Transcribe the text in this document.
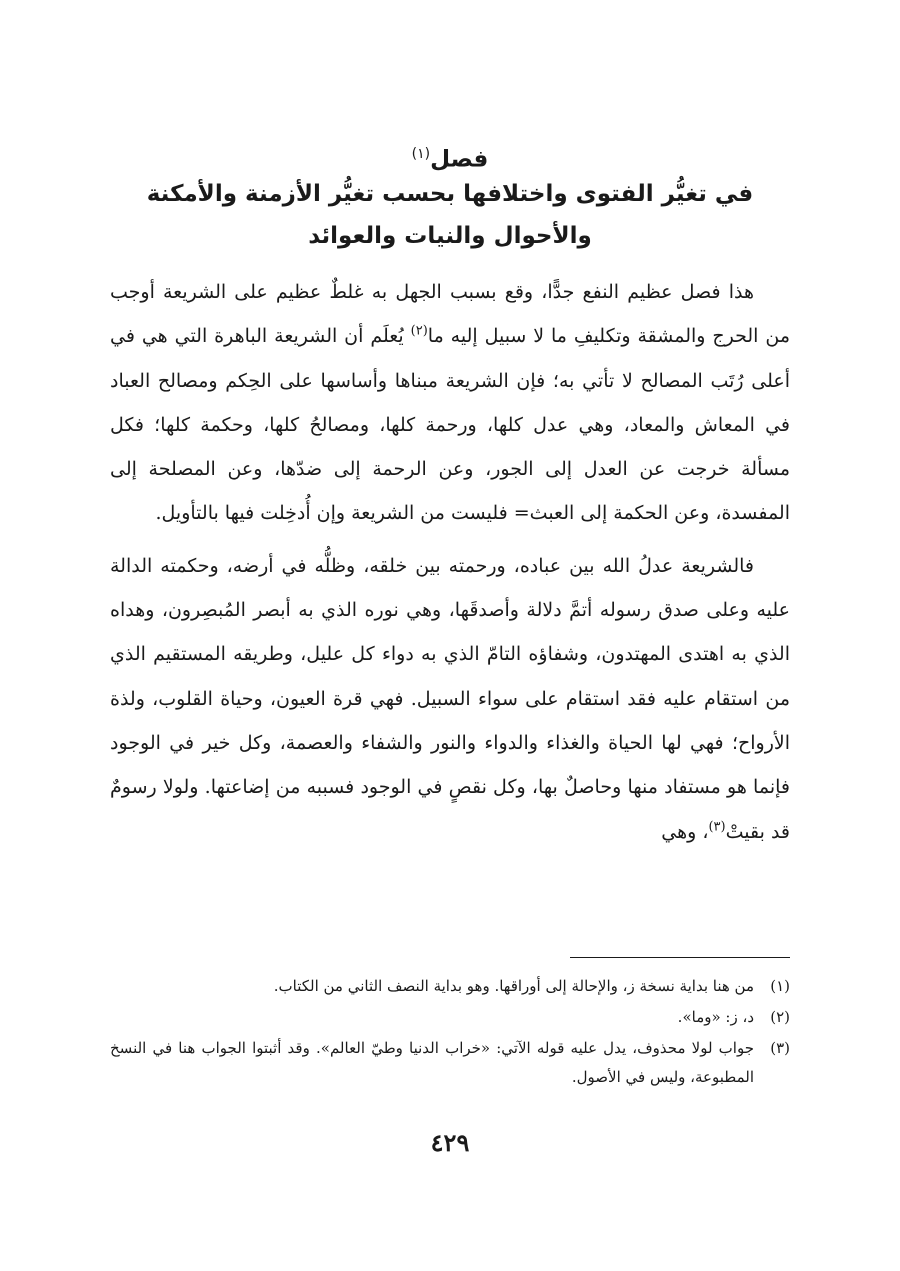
فصل$^{(١)}$
في تغيُّر الفتوى واختلافها بحسب تغيُّر الأزمنة والأمكنة
والأحوال والنيات والعوائد

هذا فصل عظيم النفع جدًّا، وقع بسبب الجهل به غلطٌ عظيم على الشريعة أوجب من الحرج والمشقة وتكليفِ ما لا سبيل إليه ما$^{(٢)}$ يُعلَم أن الشريعة الباهرة التي هي في أعلى رُتَب المصالح لا تأتي به؛ فإن الشريعة مبناها وأساسها على الحِكم ومصالح العباد في المعاش والمعاد، وهي عدل كلها، ورحمة كلها، ومصالحُ كلها، وحكمة كلها؛ فكل مسألة خرجت عن العدل إلى الجور، وعن الرحمة إلى ضدّها، وعن المصلحة إلى المفسدة، وعن الحكمة إلى العبث= فليست من الشريعة وإن أُدخِلت فيها بالتأويل.

فالشريعة عدلُ الله بين عباده، ورحمته بين خلقه، وظلُّه في أرضه، وحكمته الدالة عليه وعلى صدق رسوله أتمَّ دلالة وأصدقَها، وهي نوره الذي به أبصر المُبصِرون، وهداه الذي به اهتدى المهتدون، وشفاؤه التامّ الذي به دواء كل عليل، وطريقه المستقيم الذي من استقام عليه فقد استقام على سواء السبيل. فهي قرة العيون، وحياة القلوب، ولذة الأرواح؛ فهي لها الحياة والغذاء والدواء والنور والشفاء والعصمة، وكل خير في الوجود فإنما هو مستفاد منها وحاصلٌ بها، وكل نقصٍ في الوجود فسببه من إضاعتها. ولولا رسومٌ قد بقيتْ$^{(٣)}$، وهي

(١)
من هنا بداية نسخة ز، والإحالة إلى أوراقها. وهو بداية النصف الثاني من الكتاب.
(٢)
د، ز: «وما».
(٣)
جواب لولا محذوف، يدل عليه قوله الآتي: «خراب الدنيا وطيّ العالم». وقد أثبتوا الجواب هنا في النسخ المطبوعة، وليس في الأصول.
٤٢٩
